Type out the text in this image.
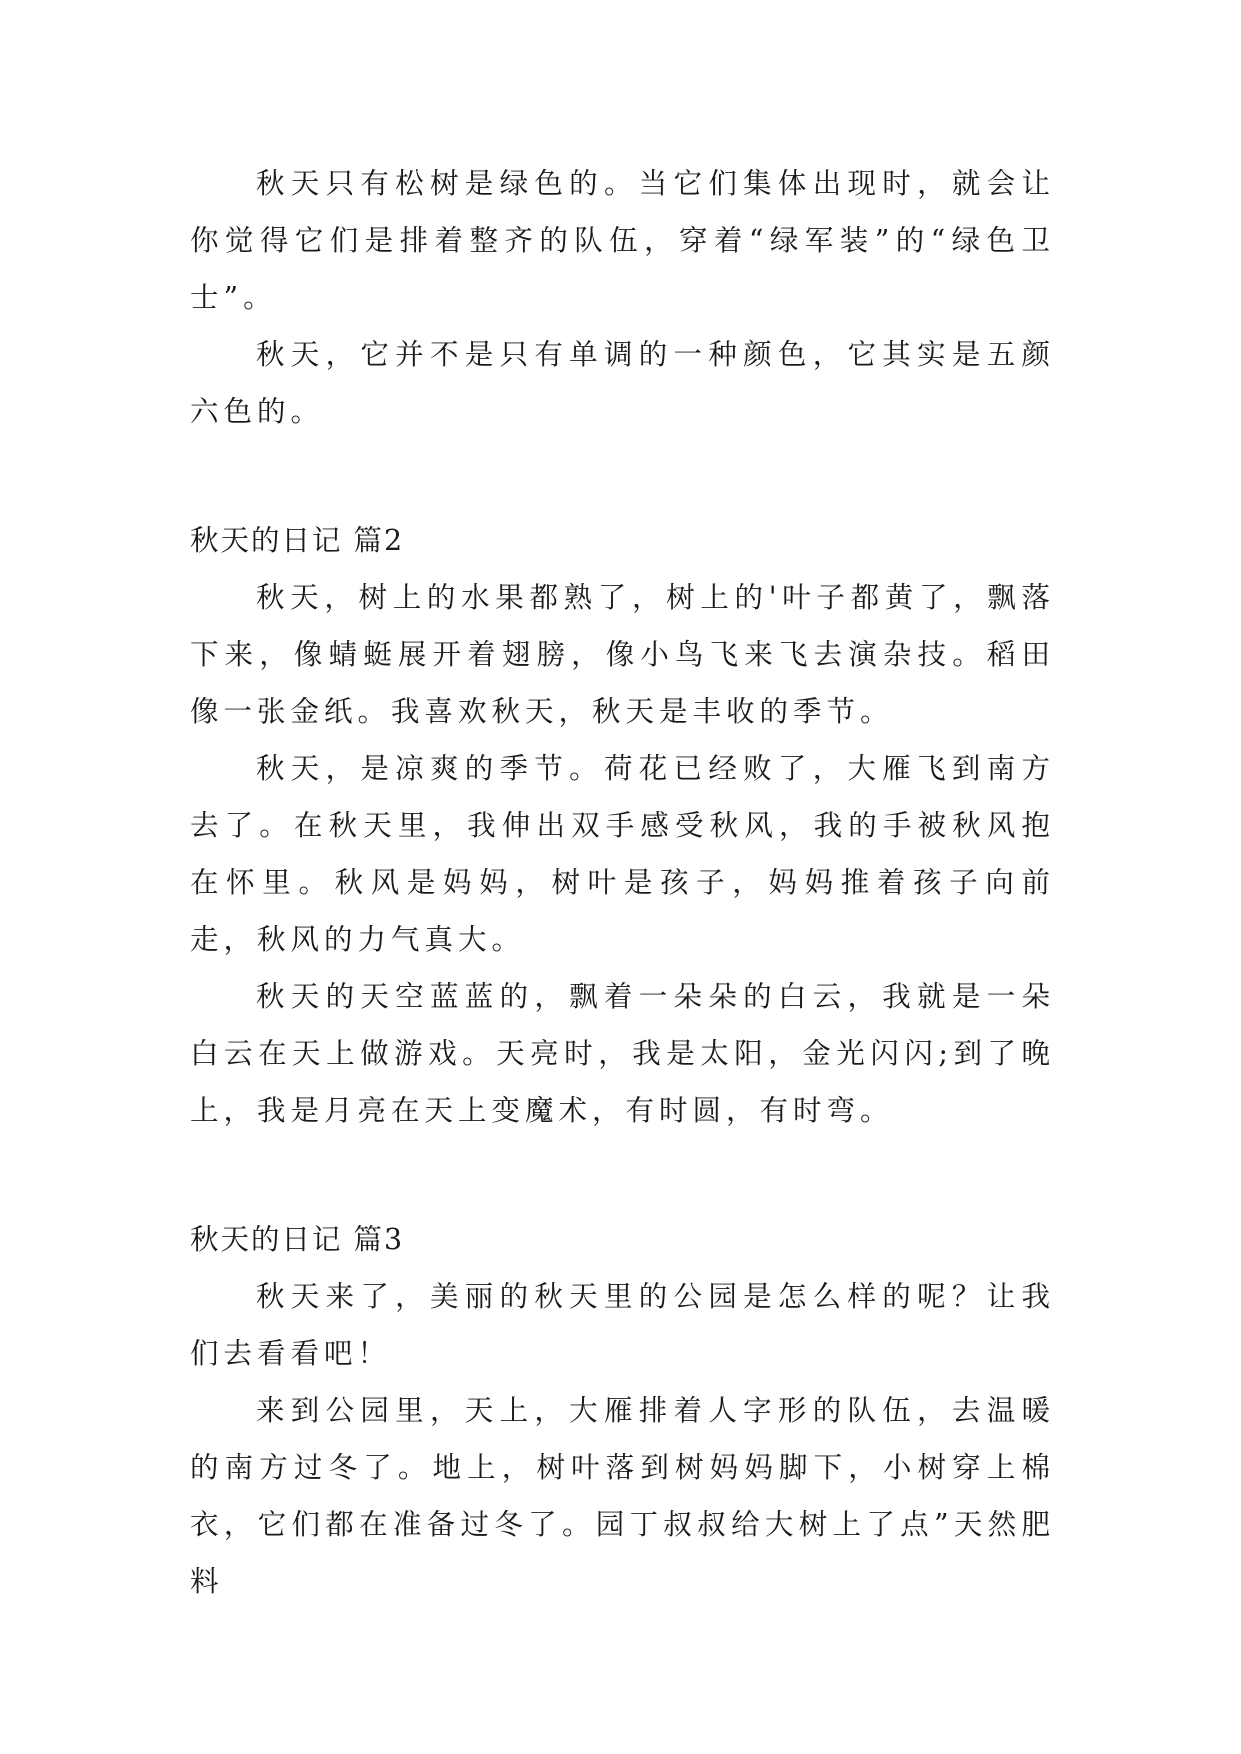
秋天只有松树是绿色的。当它们集体出现时，就会让你觉得它们是排着整齐的队伍，穿着“绿军装”的“绿色卫士”。

秋天，它并不是只有单调的一种颜色，它其实是五颜六色的。

秋天的日记 篇2

秋天，树上的水果都熟了，树上的'叶子都黄了，飘落下来，像蜻蜓展开着翅膀，像小鸟飞来飞去演杂技。稻田像一张金纸。我喜欢秋天，秋天是丰收的季节。

秋天，是凉爽的季节。荷花已经败了，大雁飞到南方去了。在秋天里，我伸出双手感受秋风，我的手被秋风抱在怀里。秋风是妈妈，树叶是孩子，妈妈推着孩子向前走，秋风的力气真大。

秋天的天空蓝蓝的，飘着一朵朵的白云，我就是一朵白云在天上做游戏。天亮时，我是太阳，金光闪闪;到了晚上，我是月亮在天上变魔术，有时圆，有时弯。

秋天的日记 篇3

秋天来了，美丽的秋天里的公园是怎么样的呢？让我们去看看吧！

来到公园里，天上，大雁排着人字形的队伍，去温暖的南方过冬了。地上，树叶落到树妈妈脚下，小树穿上棉衣，它们都在准备过冬了。园丁叔叔给大树上了点”天然肥料
